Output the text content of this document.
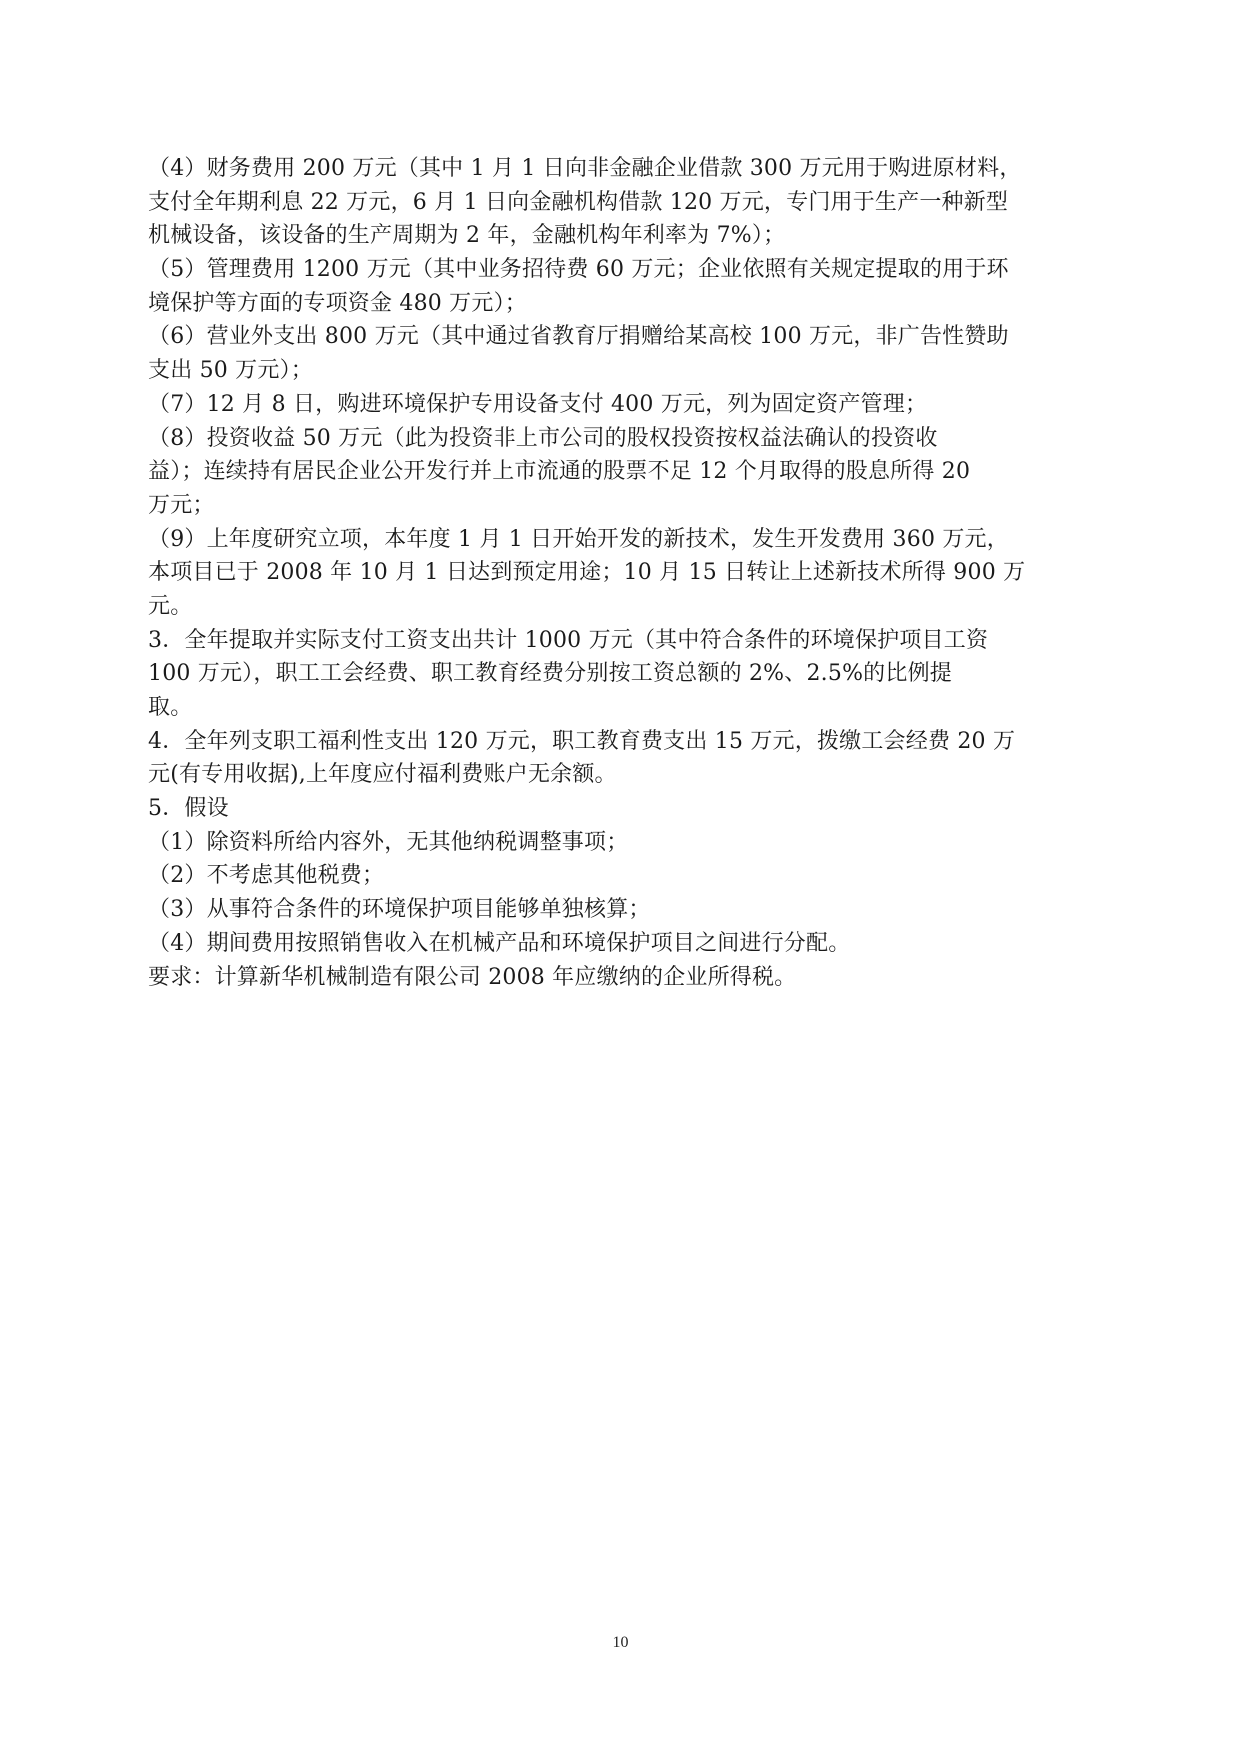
（4）财务费用 200 万元（其中 1 月 1 日向非金融企业借款 300 万元用于购进原材料，
支付全年期利息 22 万元，6 月 1 日向金融机构借款 120 万元，专门用于生产一种新型
机械设备，该设备的生产周期为 2 年，金融机构年利率为 7%）；
（5）管理费用 1200 万元（其中业务招待费 60 万元；企业依照有关规定提取的用于环
境保护等方面的专项资金 480 万元）；
（6）营业外支出 800 万元（其中通过省教育厅捐赠给某高校 100 万元，非广告性赞助
支出 50 万元）；
（7）12 月 8 日，购进环境保护专用设备支付 400 万元，列为固定资产管理；
（8）投资收益 50 万元（此为投资非上市公司的股权投资按权益法确认的投资收
益）；连续持有居民企业公开发行并上市流通的股票不足 12 个月取得的股息所得 20
万元；
（9）上年度研究立项，本年度 1 月 1 日开始开发的新技术，发生开发费用 360 万元，
本项目已于 2008 年 10 月 1 日达到预定用途；10 月 15 日转让上述新技术所得 900 万
元。
3．全年提取并实际支付工资支出共计 1000 万元（其中符合条件的环境保护项目工资
100 万元），职工工会经费、职工教育经费分别按工资总额的 2%、2.5%的比例提
取。
4．全年列支职工福利性支出 120 万元，职工教育费支出 15 万元，拨缴工会经费 20 万
元(有专用收据),上年度应付福利费账户无余额。
5．假设
（1）除资料所给内容外，无其他纳税调整事项；
（2）不考虑其他税费；
（3）从事符合条件的环境保护项目能够单独核算；
（4）期间费用按照销售收入在机械产品和环境保护项目之间进行分配。
要求：计算新华机械制造有限公司 2008 年应缴纳的企业所得税。
10
